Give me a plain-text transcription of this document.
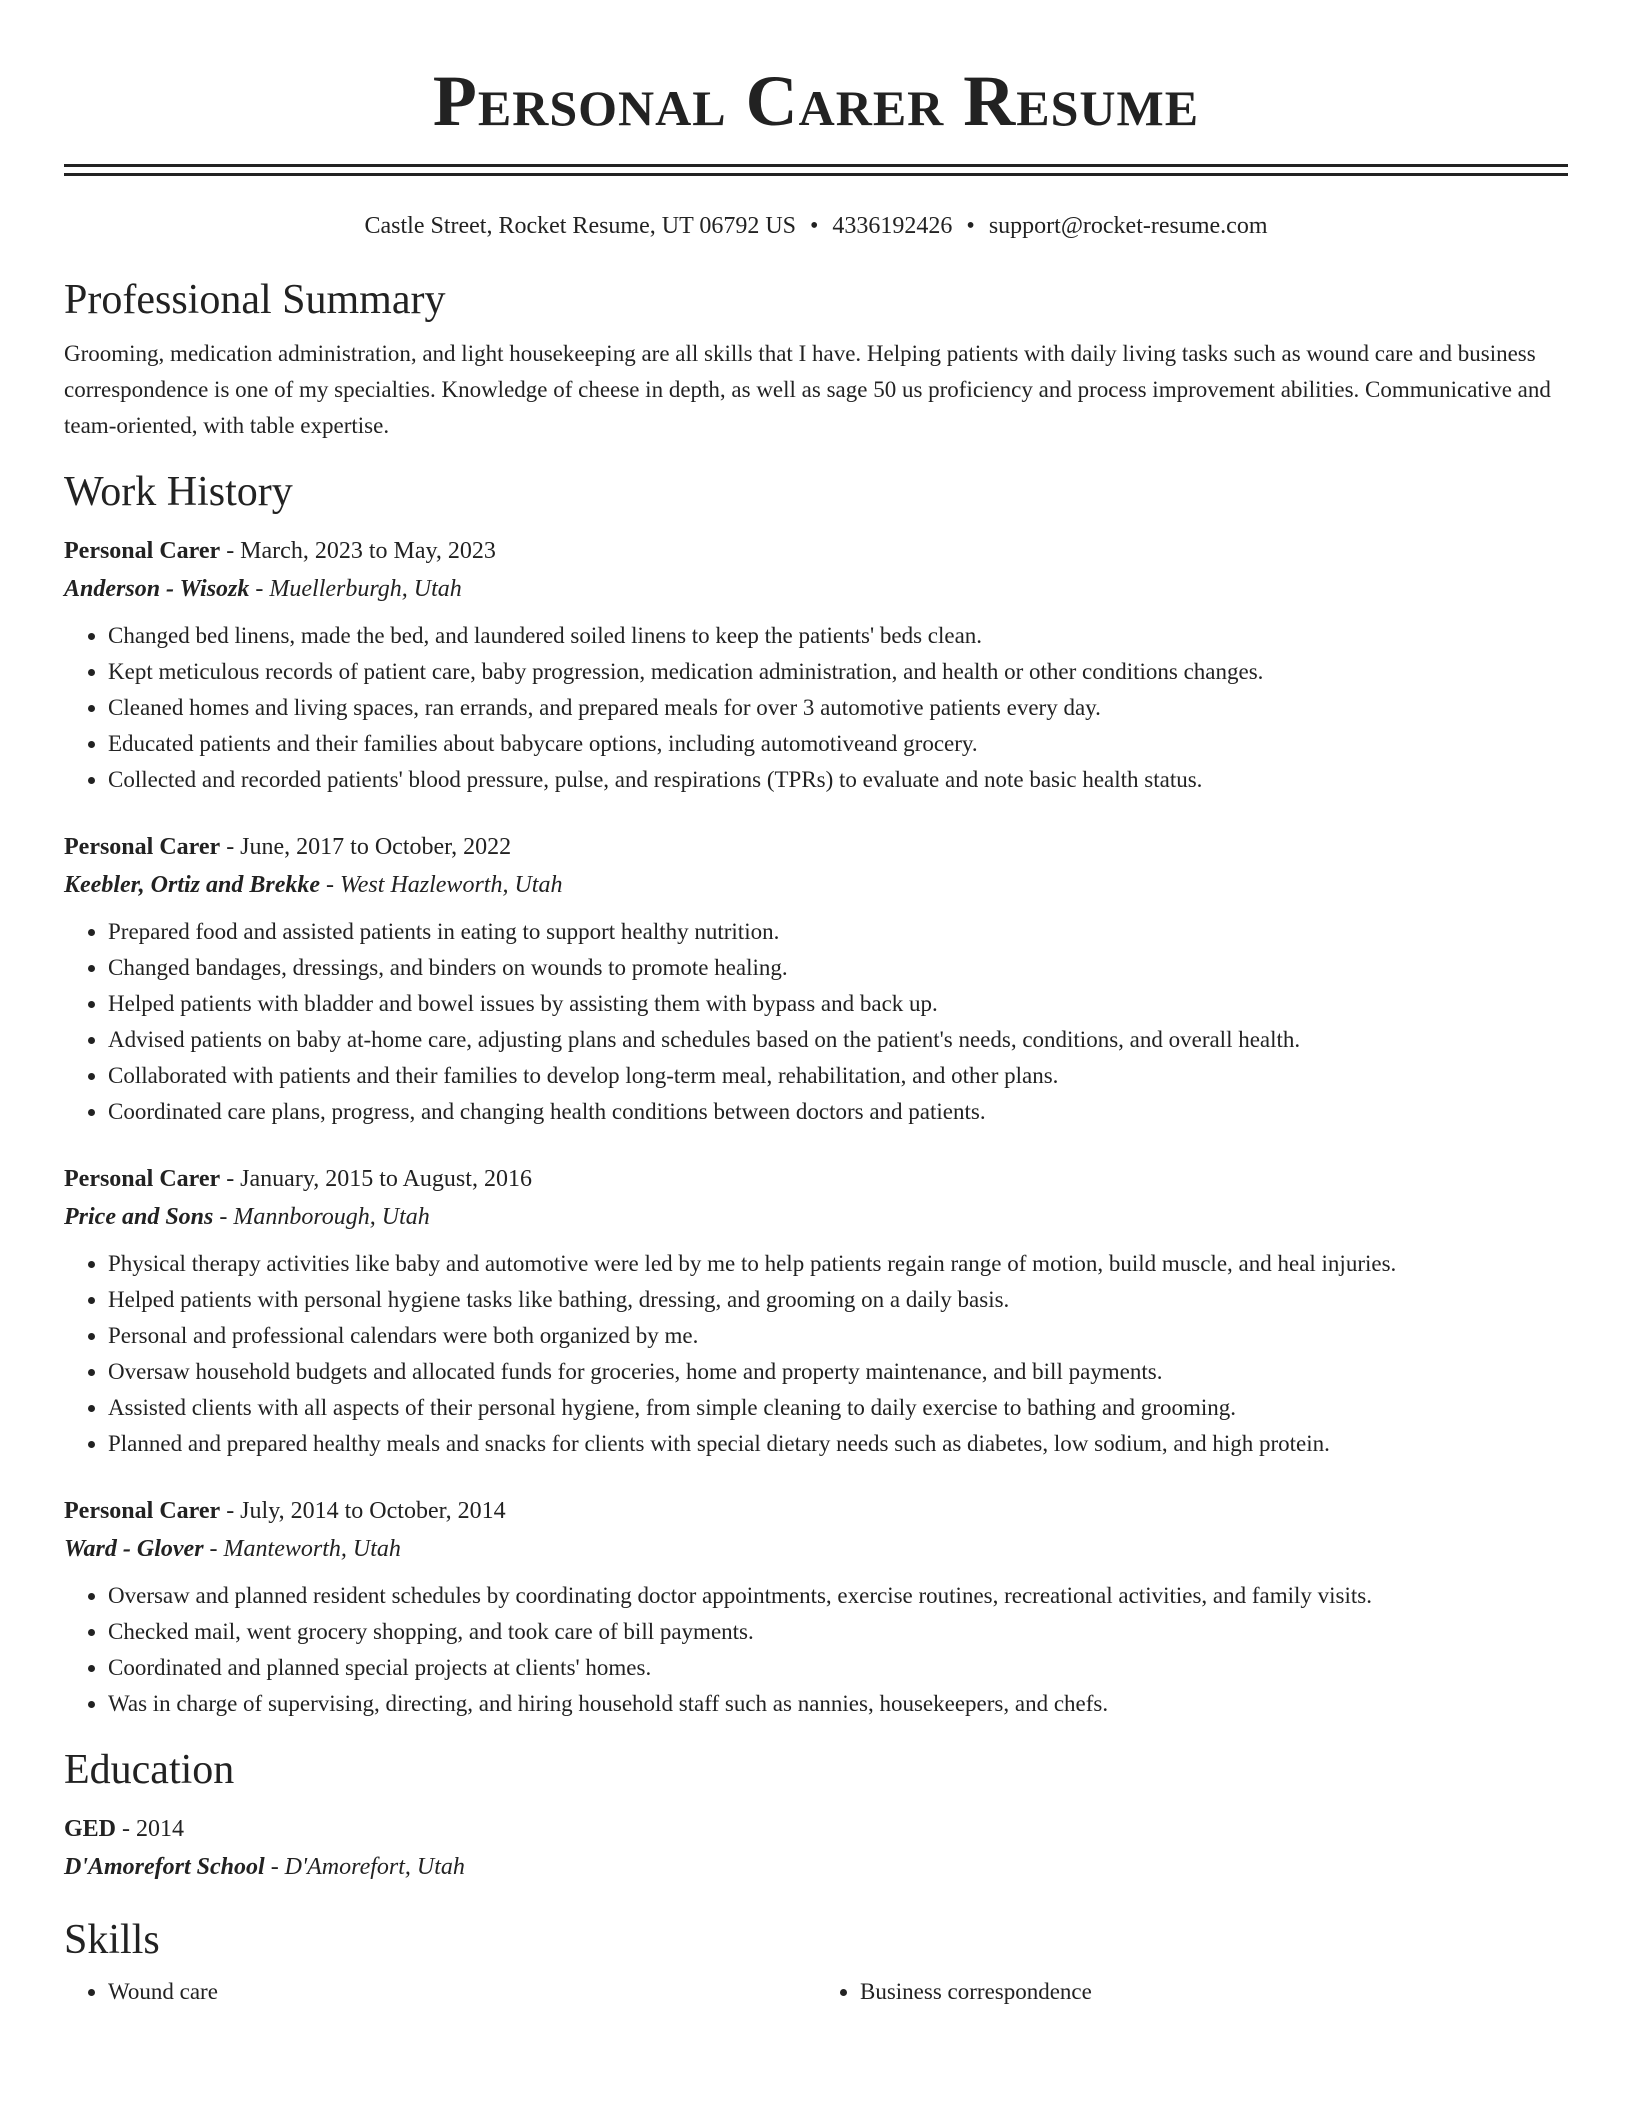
Personal Carer Resume
Castle Street, Rocket Resume, UT 06792 US • 4336192426 • support@rocket-resume.com
Professional Summary
Grooming, medication administration, and light housekeeping are all skills that I have. Helping patients with daily living tasks such as wound care and business correspondence is one of my specialties. Knowledge of cheese in depth, as well as sage 50 us proficiency and process improvement abilities. Communicative and team-oriented, with table expertise.
Work History
Personal Carer - March, 2023 to May, 2023
Anderson - Wisozk - Muellerburgh, Utah
• Changed bed linens, made the bed, and laundered soiled linens to keep the patients' beds clean.
• Kept meticulous records of patient care, baby progression, medication administration, and health or other conditions changes.
• Cleaned homes and living spaces, ran errands, and prepared meals for over 3 automotive patients every day.
• Educated patients and their families about babycare options, including automotiveand grocery.
• Collected and recorded patients' blood pressure, pulse, and respirations (TPRs) to evaluate and note basic health status.
Personal Carer - June, 2017 to October, 2022
Keebler, Ortiz and Brekke - West Hazleworth, Utah
• Prepared food and assisted patients in eating to support healthy nutrition.
• Changed bandages, dressings, and binders on wounds to promote healing.
• Helped patients with bladder and bowel issues by assisting them with bypass and back up.
• Advised patients on baby at-home care, adjusting plans and schedules based on the patient's needs, conditions, and overall health.
• Collaborated with patients and their families to develop long-term meal, rehabilitation, and other plans.
• Coordinated care plans, progress, and changing health conditions between doctors and patients.
Personal Carer - January, 2015 to August, 2016
Price and Sons - Mannborough, Utah
• Physical therapy activities like baby and automotive were led by me to help patients regain range of motion, build muscle, and heal injuries.
• Helped patients with personal hygiene tasks like bathing, dressing, and grooming on a daily basis.
• Personal and professional calendars were both organized by me.
• Oversaw household budgets and allocated funds for groceries, home and property maintenance, and bill payments.
• Assisted clients with all aspects of their personal hygiene, from simple cleaning to daily exercise to bathing and grooming.
• Planned and prepared healthy meals and snacks for clients with special dietary needs such as diabetes, low sodium, and high protein.
Personal Carer - July, 2014 to October, 2014
Ward - Glover - Manteworth, Utah
• Oversaw and planned resident schedules by coordinating doctor appointments, exercise routines, recreational activities, and family visits.
• Checked mail, went grocery shopping, and took care of bill payments.
• Coordinated and planned special projects at clients' homes.
• Was in charge of supervising, directing, and hiring household staff such as nannies, housekeepers, and chefs.
Education
GED - 2014
D'Amorefort School - D'Amorefort, Utah
Skills
• Wound care
•	Business correspondence
